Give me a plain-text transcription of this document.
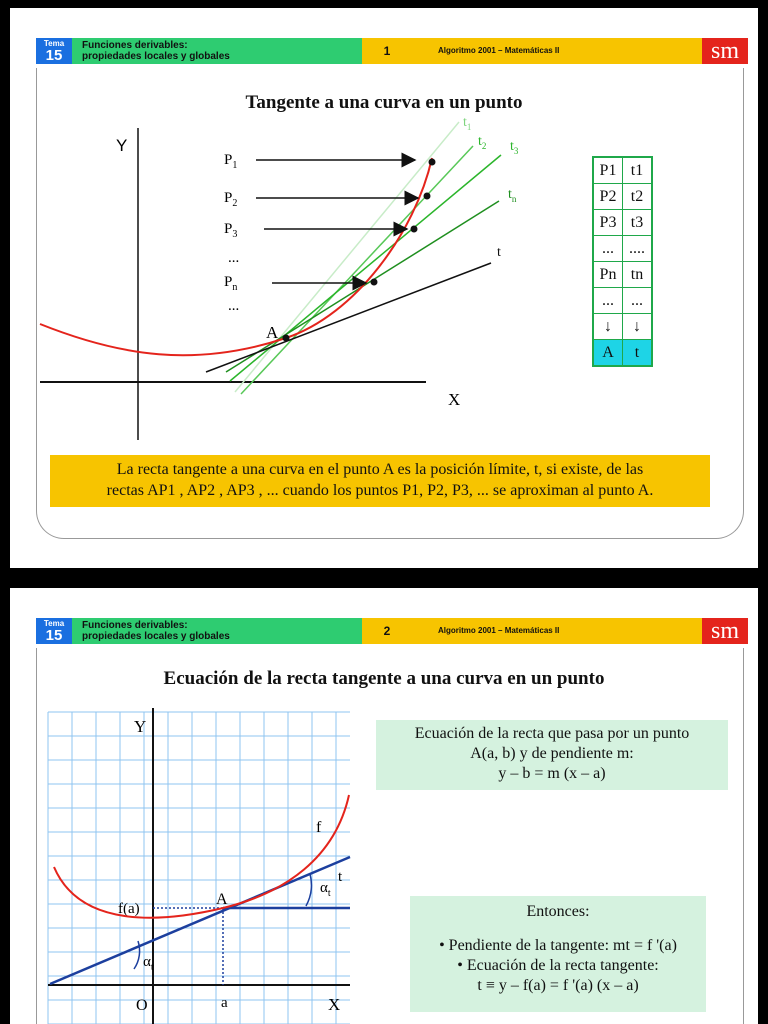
Tema
15
Funciones derivables:
propiedades locales y globales	1	Algoritmo 2001 – Matemáticas II	sm
Tangente a una curva en un punto
Y
X
A
$P_1$
$P_2$
$P_3$
...
$P_n$
...
$t_1$
$t_2$ $t_3$
$t_n$
t
P1	t1
P2	t2
P3	t3
...	....
Pn	tn
...	...
↓	↓
A	t
La recta tangente a una curva en el punto A es la posición límite, t, si existe, de las
rectas AP1 , AP2 , AP3 , ... cuando los puntos P1, P2, P3, ... se aproximan al punto A.
Tema
15
Funciones derivables:
propiedades locales y globales	2	Algoritmo 2001 – Matemáticas II	sm
Ecuación de la recta tangente a una curva en un punto
Y
X
O	a
f(a)
A
f
t
$\alpha_t$
$\alpha_t$
Ecuación de la recta que pasa por un punto
A(a, b) y de pendiente m:
y – b = m (x – a)
Entonces:
• Pendiente de la tangente: mt = f '(a)
• Ecuación de la recta tangente:
t ≡ y – f(a) = f '(a) (x – a)
